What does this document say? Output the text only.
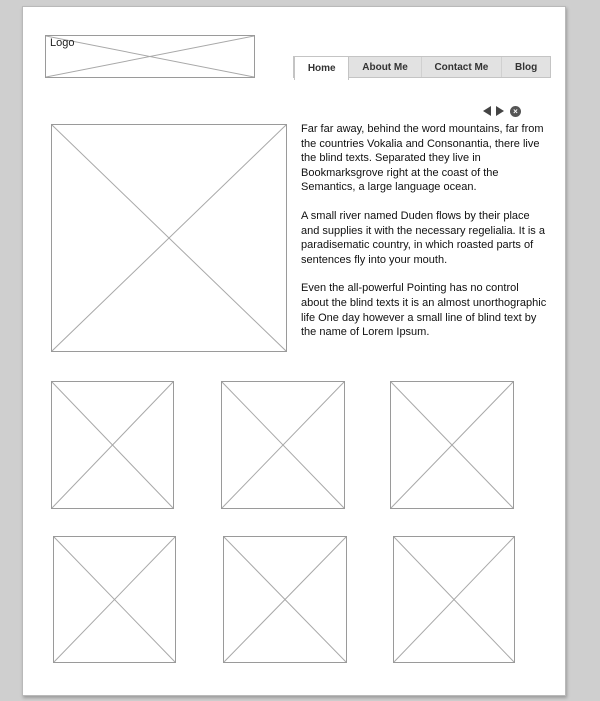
Logo
Home	About Me	Contact Me	Blog
×

Far far away, behind the word mountains, far from the countries Vokalia and Consonantia, there live the blind texts. Separated they live in Bookmarksgrove right at the coast of the Semantics, a large language ocean.

A small river named Duden flows by their place and supplies it with the necessary regelialia. It is a paradisematic country, in which roasted parts of sentences fly into your mouth.

Even the all-powerful Pointing has no control about the blind texts it is an almost unorthographic life One day however a small line of blind text by the name of Lorem Ipsum.
